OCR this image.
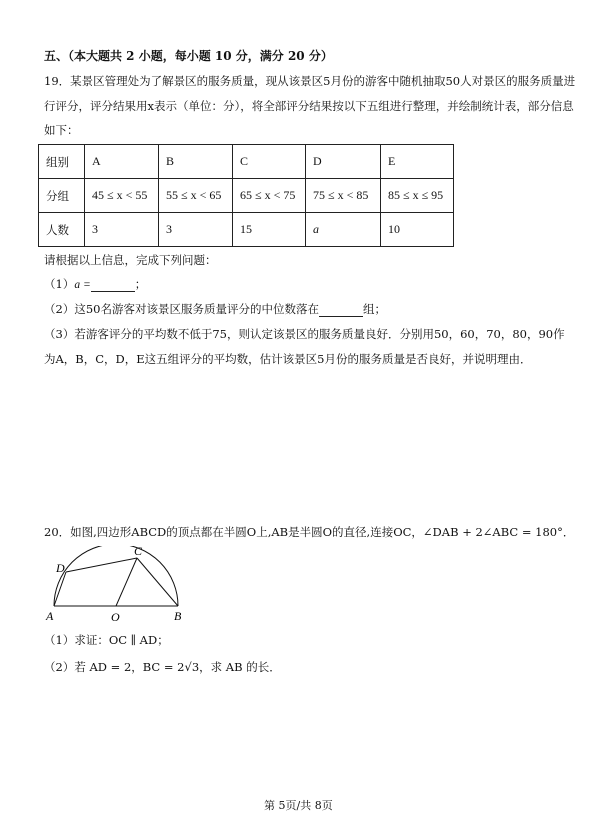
五、（本大题共 2 小题，每小题 10 分，满分 20 分）
19．某景区管理处为了解景区的服务质量，现从该景区5月份的游客中随机抽取50人对景区的服务质量进
行评分，评分结果用x表示（单位：分），将全部评分结果按以下五组进行整理，并绘制统计表，部分信息
如下：
组别	A	B	C	D	E
分组	45 ≤ x < 55	55 ≤ x < 65	65 ≤ x < 75	75 ≤ x < 85	85 ≤ x ≤ 95
人数	3	3	15	a	10
请根据以上信息，完成下列问题：
（1）a =	；
（2）这50名游客对该景区服务质量评分的中位数落在	组；
（3）若游客评分的平均数不低于75，则认定该景区的服务质量良好．分别用50，60，70，80，90作
为A，B，C，D，E这五组评分的平均数，估计该景区5月份的服务质量是否良好，并说明理由．
20．如图,四边形ABCD的顶点都在半圆O上,AB是半圆O的直径,连接OC，∠DAB + 2∠ABC = 180°．
A	B
O
D
C
（1）求证：OC ∥ AD；
（2）若 AD = 2，BC = 2√3，求 AB 的长．
第 5页/共 8页
